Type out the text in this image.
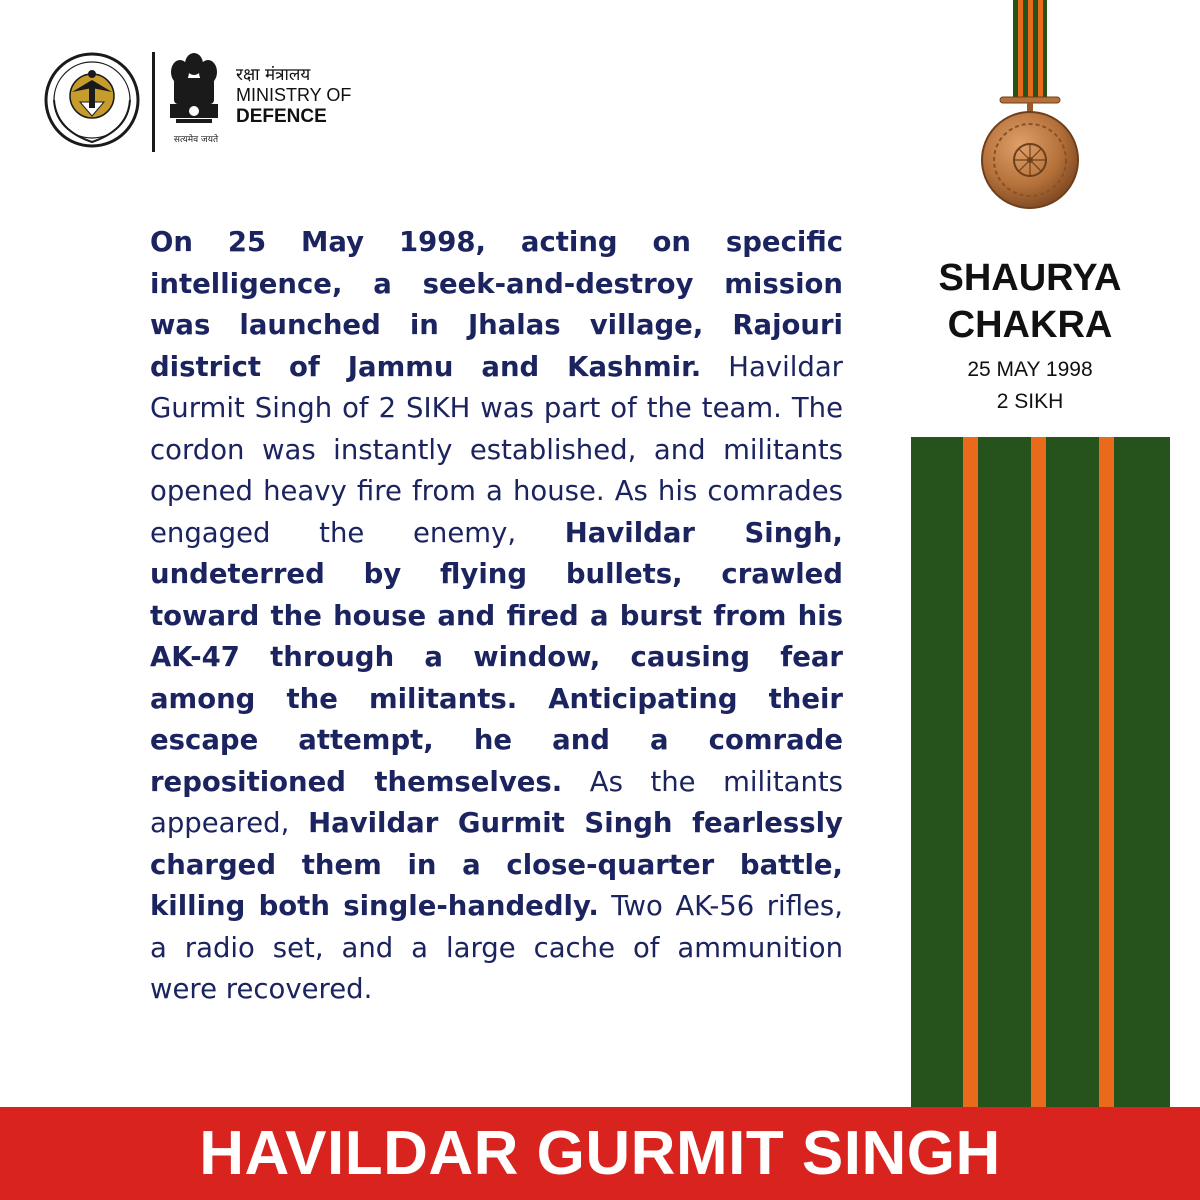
सत्यमेव जयते
रक्षा मंत्रालय
MINISTRY OF
DEFENCE

On 25 May 1998, acting on specific intelligence, a seek-and-destroy mission was launched in Jhalas village, Rajouri district of Jammu and Kashmir. Havildar Gurmit Singh of 2 SIKH was part of the team. The cordon was instantly established, and militants opened heavy fire from a house. As his comrades engaged the enemy, Havildar Singh, undeterred by flying bullets, crawled toward the house and fired a burst from his AK-47 through a window, causing fear among the militants. Anticipating their escape attempt, he and a comrade repositioned themselves. As the militants appeared, Havildar Gurmit Singh fearlessly charged them in a close-quarter battle, killing both single-handedly. Two AK-56 rifles, a radio set, and a large cache of ammunition were recovered.

SHAURYA CHAKRA
25 MAY 1998
2 SIKH
HAVILDAR GURMIT SINGH
